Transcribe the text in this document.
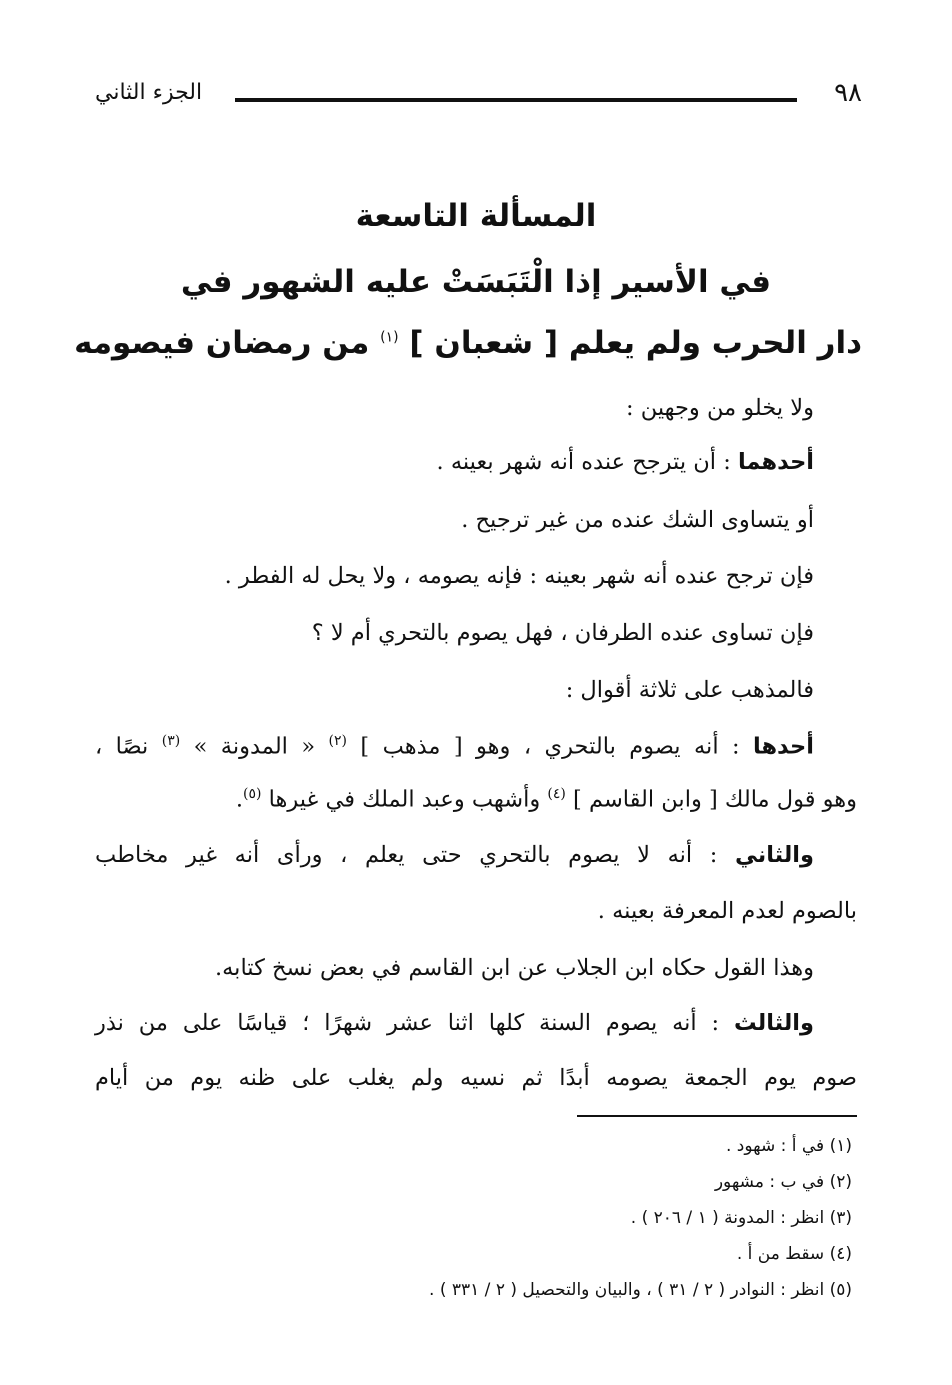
٩٨
الجزء الثاني
المسألة التاسعة
في الأسير إذا الْتَبَسَتْ عليه الشهور في
دار الحرب ولم يعلم [ شعبان ] $^{(١)}$ من رمضان فيصومه
ولا يخلو من وجهين :
أحدهما : أن يترجح عنده أنه شهر بعينه .
أو يتساوى الشك عنده من غير ترجيح .
فإن ترجح عنده أنه شهر بعينه : فإنه يصومه ، ولا يحل له الفطر .
فإن تساوى عنده الطرفان ، فهل يصوم بالتحري أم لا ؟
فالمذهب على ثلاثة أقوال :
أحدها : أنه يصوم بالتحري ، وهو [ مذهب ] $^{(٢)}$ « المدونة » $^{(٣)}$ نصًا ،
وهو قول مالك [ وابن القاسم ] $^{(٤)}$ وأشهب وعبد الملك في غيرها $^{(٥)}$.
والثاني : أنه لا يصوم بالتحري حتى يعلم ، ورأى أنه غير مخاطب
بالصوم لعدم المعرفة بعينه .
وهذا القول حكاه ابن الجلاب عن ابن القاسم في بعض نسخ كتابه.
والثالث : أنه يصوم السنة كلها اثنا عشر شهرًا ؛ قياسًا على من نذر
صوم يوم الجمعة يصومه أبدًا ثم نسيه ولم يغلب على ظنه يوم من أيام
(١) في أ : شهود .
(٢) في ب : مشهور
(٣) انظر : المدونة ( ١ / ٢٠٦ ) .
(٤) سقط من أ .
(٥) انظر : النوادر ( ٢ / ٣١ ) ، والبيان والتحصيل ( ٢ / ٣٣١ ) .
